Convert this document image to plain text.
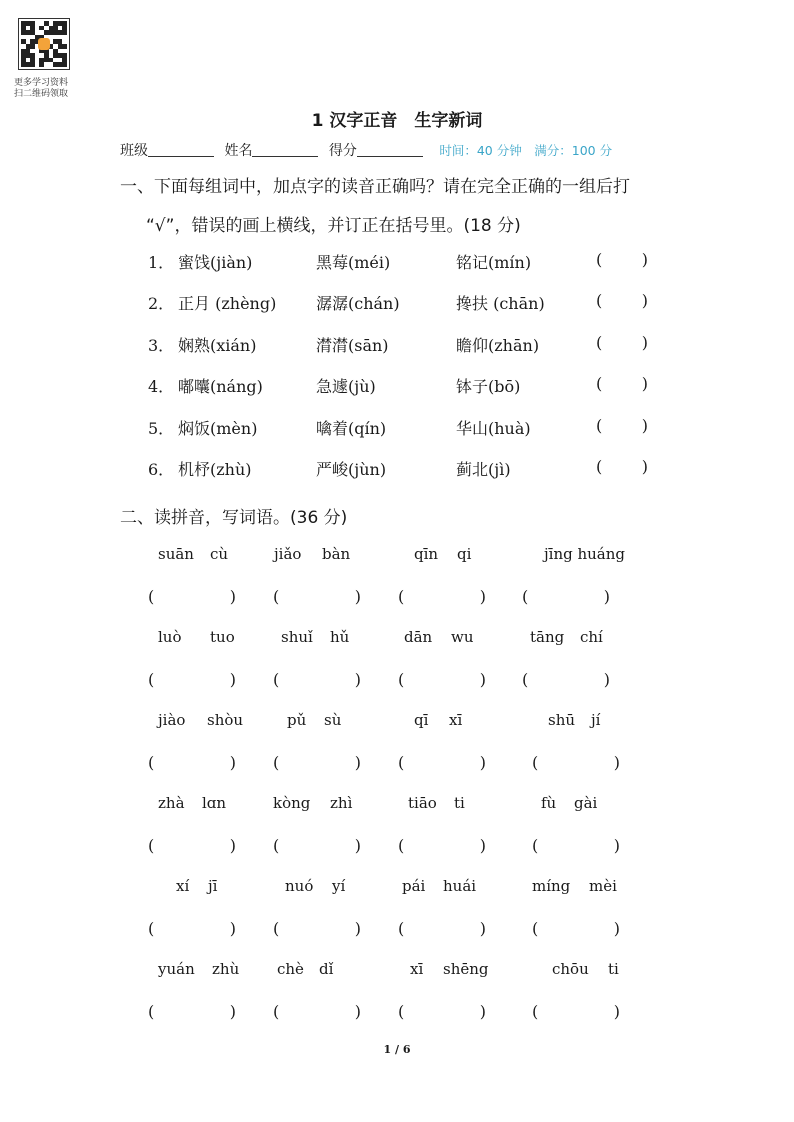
更多学习资料
扫二维码领取
1 汉字正音　生字新词
班级	姓名	得分	时间：40 分钟　满分：100 分
一、下面每组词中，加点字的读音正确吗？请在完全正确的一组后打
“√”，错误的画上横线，并订正在括号里。(18 分)
1． 蜜饯(jiàn)	黑莓(méi)	铭记(mín)	( )
2． 正月 (zhèng) 潺潺(chán)	搀扶 (chān)	( )
3． 娴熟(xián)	潸潸(sān)	瞻仰(zhān)	( )
4． 嘟囔(náng)	急遽(jù)	钵子(bō)	( )
5． 焖饭(mèn)	噙着(qín)	华山(huà)	( )
6． 机杼(zhù)	严峻(jùn)	蓟北(jì)	( )
二、读拼音，写词语。(36 分)
suān cù	jiǎo bàn	qīn qi	jīng huáng
(	) (	) (	) (	)
luò tuo	shuǐ hǔ	dān wu	tāng chí
(	) (	) (	) (	)
jiào shòu	pǔ sù	qī xī	shū jí
(	) (	) (	)	(	)
zhà lɑn	kòng zhì	tiāo ti	fù gài
(	) (	) (	)	(	)
xí jī	nuó yí	pái huái	míng mèi
(	) (	) (	)	(	)
yuán zhù	chè dǐ	xī shēng	chōu ti
(	) (	) (	)	(	)
1 / 6
